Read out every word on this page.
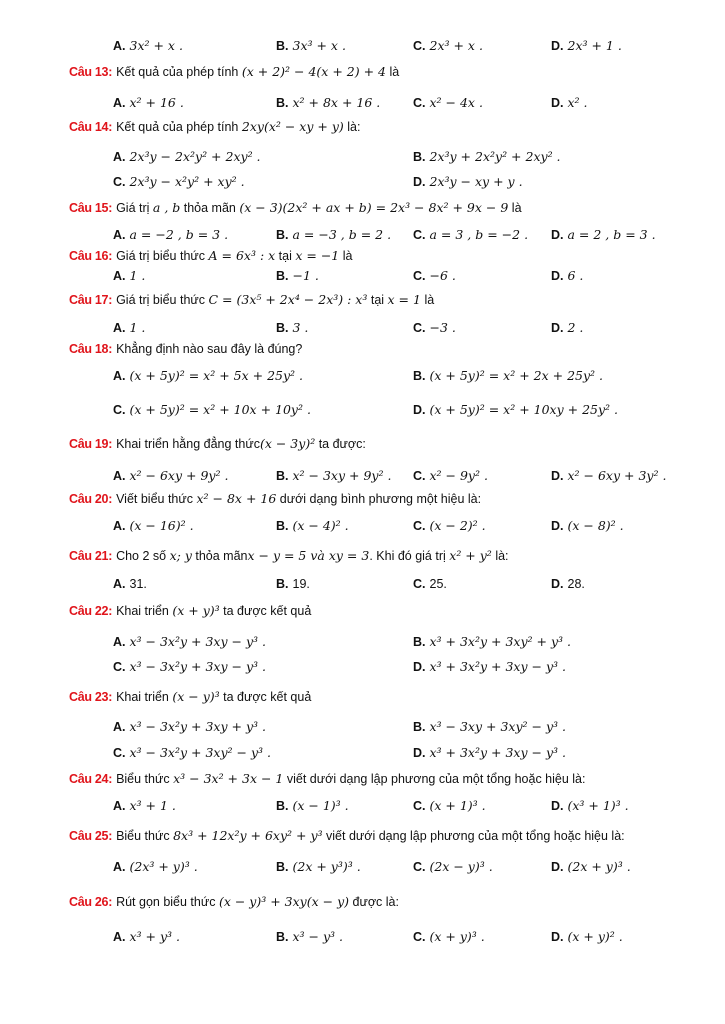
A. 3x² + x .	B. 3x³ + x .	C. 2x³ + x .	D. 2x³ + 1 .
Câu 13: Kết quả của phép tính (x + 2)² − 4(x + 2) + 4 là
A. x² + 16 .	B. x² + 8x + 16 .	C. x² − 4x .	D. x² .
Câu 14: Kết quả của phép tính 2xy(x² − xy + y) là:
A. 2x³y − 2x²y² + 2xy² .	B. 2x³y + 2x²y² + 2xy² .
C. 2x³y − x²y² + xy² .	D. 2x³y − xy + y .
Câu 15: Giá trị a , b thỏa mãn (x − 3)(2x² + ax + b) = 2x³ − 8x² + 9x − 9 là
A. a = −2 , b = 3 .	B. a = −3 , b = 2 . C. a = 3 , b = −2 . D. a = 2 , b = 3 .
Câu 16: Giá trị biểu thức A = 6x³ : x tại x = −1 là
A. 1 .	B. −1 .	C. −6 .	D. 6 .
Câu 17: Giá trị biểu thức C = (3x⁵ + 2x⁴ − 2x³) : x³ tại x = 1 là
A. 1 .	B. 3 .	C. −3 .	D. 2 .
Câu 18: Khẳng định nào sau đây là đúng?
A. (x + 5y)² = x² + 5x + 25y² .	B. (x + 5y)² = x² + 2x + 25y² .
C. (x + 5y)² = x² + 10x + 10y² .	D. (x + 5y)² = x² + 10xy + 25y² .
Câu 19: Khai triển hằng đẳng thức(x − 3y)² ta được:
A. x² − 6xy + 9y² .	B. x² − 3xy + 9y² . C. x² − 9y² .	D. x² − 6xy + 3y² .
Câu 20: Viết biểu thức x² − 8x + 16 dưới dạng bình phương một hiệu là:
A. (x − 16)² .	B. (x − 4)² .	C. (x − 2)² .	D. (x − 8)² .
Câu 21: Cho 2 số x; y thỏa mãnx − y = 5 và xy = 3. Khi đó giá trị x² + y² là:
A. 31.	B. 19.	C. 25.	D. 28.
Câu 22: Khai triển (x + y)³ ta được kết quả
A. x³ − 3x²y + 3xy − y³ .	B. x³ + 3x²y + 3xy² + y³ .
C. x³ − 3x²y + 3xy − y³ .	D. x³ + 3x²y + 3xy − y³ .
Câu 23: Khai triển (x − y)³ ta được kết quả
A. x³ − 3x²y + 3xy + y³ .	B. x³ − 3xy + 3xy² − y³ .
C. x³ − 3x²y + 3xy² − y³ .	D. x³ + 3x²y + 3xy − y³ .
Câu 24: Biểu thức x³ − 3x² + 3x − 1 viết dưới dạng lập phương của một tổng hoặc hiệu là:
A. x³ + 1 .	B. (x − 1)³ .	C. (x + 1)³ .	D. (x³ + 1)³ .
Câu 25: Biểu thức 8x³ + 12x²y + 6xy² + y³ viết dưới dạng lập phương của một tổng hoặc hiệu là:
A. (2x³ + y)³ .	B. (2x + y³)³ .	C. (2x − y)³ .	D. (2x + y)³ .
Câu 26: Rút gọn biểu thức (x − y)³ + 3xy(x − y) được là:
A. x³ + y³ .	B. x³ − y³ .	C. (x + y)³ .	D. (x + y)² .
